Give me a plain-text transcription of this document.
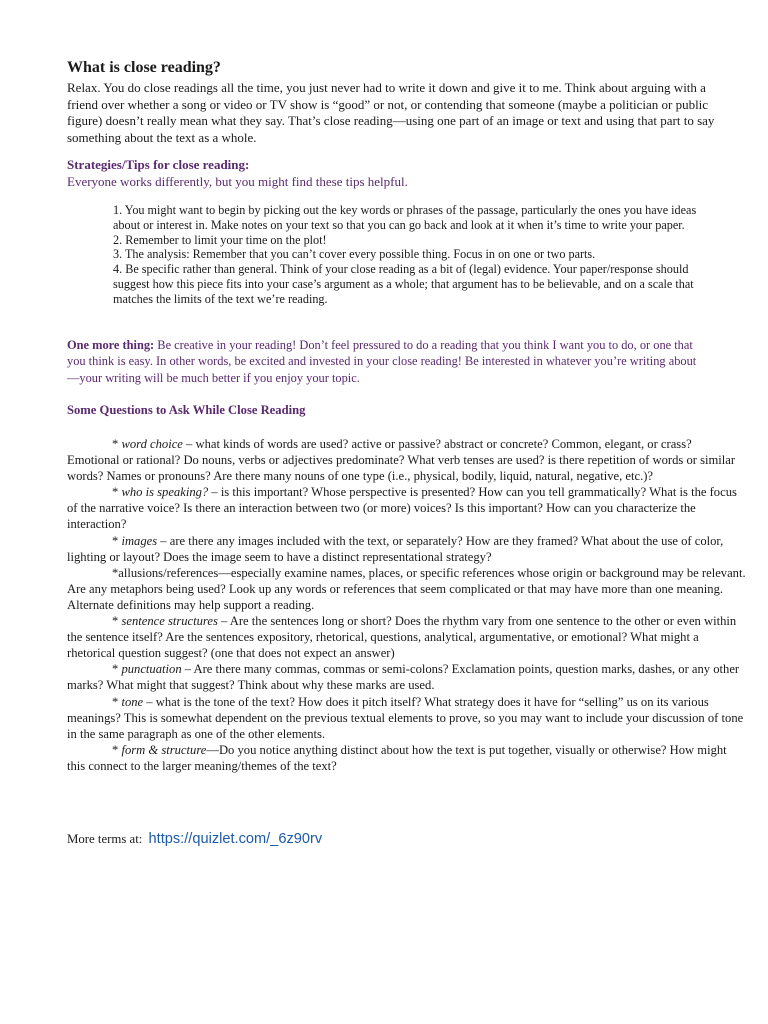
What is close reading?

Relax. You do close readings all the time, you just never had to write it down and give it to me. Think about arguing with a friend over whether a song or video or TV show is “good” or not, or contending that someone (maybe a politician or public figure) doesn’t really mean what they say. That’s close reading—using one part of an image or text and using that part to say something about the text as a whole.

Strategies/Tips for close reading:
Everyone works differently, but you might find these tips helpful.

1. You might want to begin by picking out the key words or phrases of the passage, particularly the ones you have ideas about or interest in. Make notes on your text so that you can go back and look at it when it’s time to write your paper.

2. Remember to limit your time on the plot!

3. The analysis: Remember that you can’t cover every possible thing. Focus in on one or two parts.

4. Be specific rather than general. Think of your close reading as a bit of (legal) evidence. Your paper/response should suggest how this piece fits into your case’s argument as a whole; that argument has to be believable, and on a scale that matches the limits of the text we’re reading.

One more thing: Be creative in your reading! Don’t feel pressured to do a reading that you think I want you to do, or one that you think is easy. In other words, be excited and invested in your close reading! Be interested in whatever you’re writing about—your writing will be much better if you enjoy your topic.

Some Questions to Ask While Close Reading

* word choice – what kinds of words are used? active or passive? abstract or concrete? Common, elegant, or crass? Emotional or rational? Do nouns, verbs or adjectives predominate? What verb tenses are used? is there repetition of words or similar words? Names or pronouns? Are there many nouns of one type (i.e., physical, bodily, liquid, natural, negative, etc.)?

* who is speaking? – is this important? Whose perspective is presented? How can you tell grammatically? What is the focus of the narrative voice? Is there an interaction between two (or more) voices? Is this important? How can you characterize the interaction?

* images – are there any images included with the text, or separately? How are they framed? What about the use of color, lighting or layout? Does the image seem to have a distinct representational strategy?

*allusions/references—especially examine names, places, or specific references whose origin or background may be relevant. Are any metaphors being used? Look up any words or references that seem complicated or that may have more than one meaning. Alternate definitions may help support a reading.

* sentence structures – Are the sentences long or short? Does the rhythm vary from one sentence to the other or even within the sentence itself? Are the sentences expository, rhetorical, questions, analytical, argumentative, or emotional? What might a rhetorical question suggest? (one that does not expect an answer)

* punctuation – Are there many commas, commas or semi-colons? Exclamation points, question marks, dashes, or any other marks? What might that suggest? Think about why these marks are used.

* tone – what is the tone of the text? How does it pitch itself? What strategy does it have for “selling” us on its various meanings? This is somewhat dependent on the previous textual elements to prove, so you may want to include your discussion of tone in the same paragraph as one of the other elements.

* form & structure—Do you notice anything distinct about how the text is put together, visually or otherwise? How might this connect to the larger meaning/themes of the text?

More terms at: https://quizlet.com/_6z90rv
